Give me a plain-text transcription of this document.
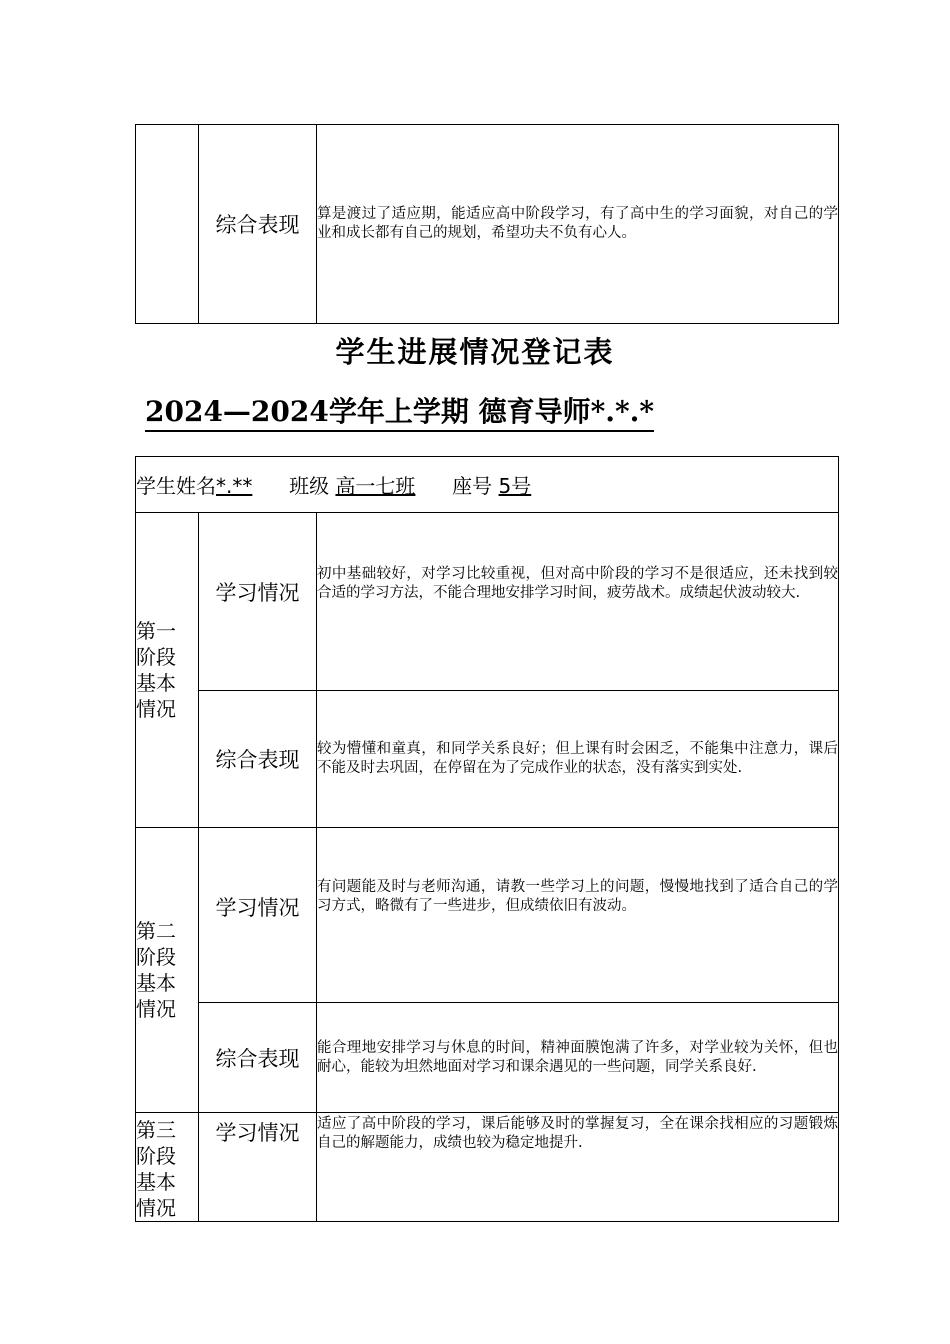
	综合表现	算是渡过了适应期，能适应高中阶段学习，有了高中生的学习面貌，对自己的学业和成长都有自己的规划，希望功夫不负有心人。
学生进展情况登记表
2024—2024学年上学期 德育导师*.*.*
学生姓名*.** 班级 高一七班 座号 5号		

第一
阶段
基本
情况	学习情况	初中基础较好，对学习比较重视，但对高中阶段的学习不是很适应，还未找到较合适的学习方法，不能合理地安排学习时间，疲劳战术。成绩起伏波动较大.
	综合表现	较为懵懂和童真，和同学关系良好；但上课有时会困乏，不能集中注意力，课后不能及时去巩固，在停留在为了完成作业的状态，没有落实到实处.

第二
阶段
基本
情况	学习情况	有问题能及时与老师沟通，请教一些学习上的问题，慢慢地找到了适合自己的学习方式，略微有了一些进步，但成绩依旧有波动。
	综合表现	能合理地安排学习与休息的时间，精神面膜饱满了许多，对学业较为关怀，但也耐心，能较为坦然地面对学习和课余遇见的一些问题，同学关系良好.

第三
阶段
基本
情况	学习情况	适应了高中阶段的学习，课后能够及时的掌握复习，全在课余找相应的习题锻炼自己的解题能力，成绩也较为稳定地提升.
